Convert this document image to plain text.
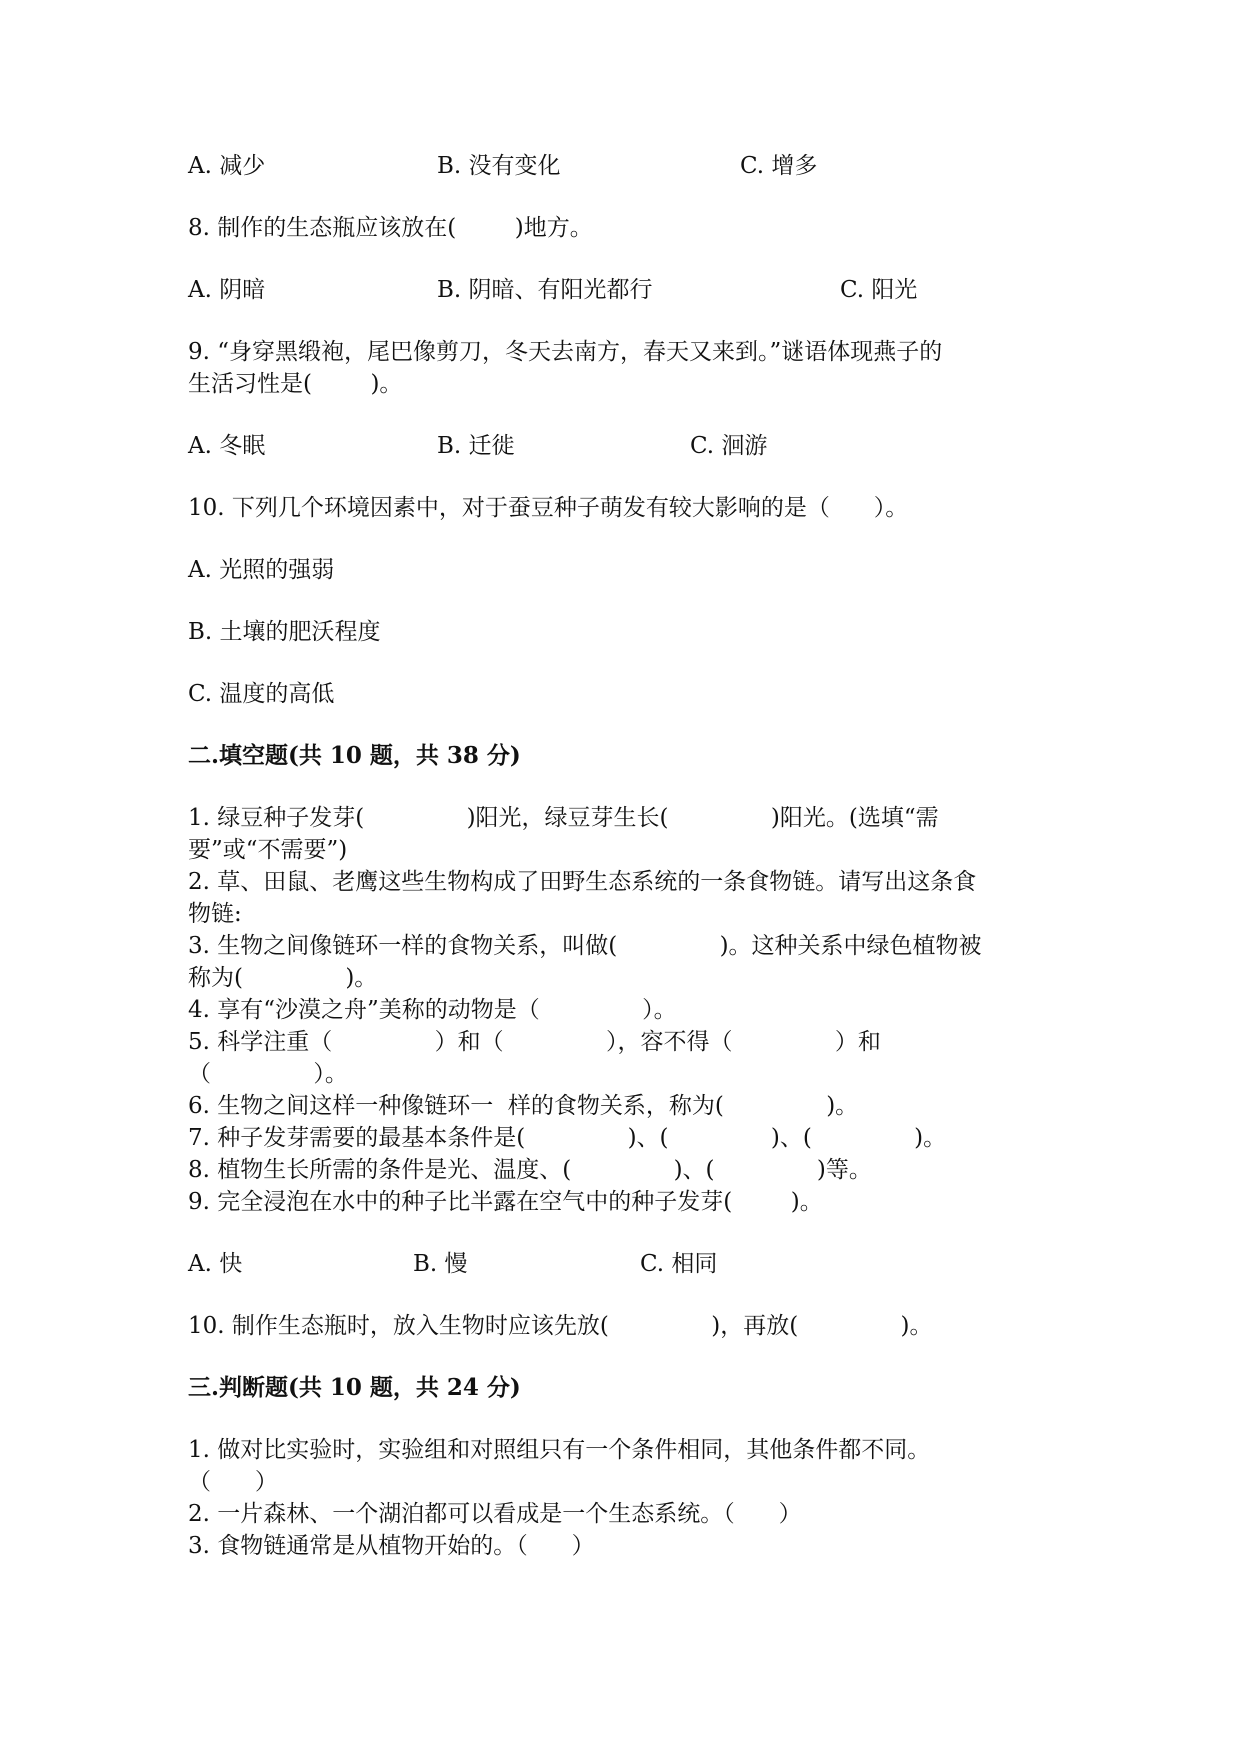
A. 减少	B. 没有变化	C. 增多
8. 制作的生态瓶应该放在(        )地方。
A. 阴暗	B. 阴暗、有阳光都行	C. 阳光
9. “身穿黑缎袍，尾巴像剪刀，冬天去南方，春天又来到。”谜语体现燕子的
生活习性是(        )。
A. 冬眠	B. 迁徙	C. 洄游
10. 下列几个环境因素中，对于蚕豆种子萌发有较大影响的是（      ）。
A. 光照的强弱
B. 土壤的肥沃程度
C. 温度的高低
二.填空题(共 10 题，共 38 分)
1. 绿豆种子发芽(              )阳光，绿豆芽生长(              )阳光。(选填“需
要”或“不需要”)
2. 草、田鼠、老鹰这些生物构成了田野生态系统的一条食物链。请写出这条食
物链:
3. 生物之间像链环一样的食物关系，叫做(              )。这种关系中绿色植物被
称为(              )。
4. 享有“沙漠之舟”美称的动物是（              ）。
5. 科学注重（              ）和（              ），容不得（              ）和
（              ）。
6. 生物之间这样一种像链环一  样的食物关系，称为(              )。
7. 种子发芽需要的最基本条件是(              )、(              )、(              )。
8. 植物生长所需的条件是光、温度、(              )、(              )等。
9. 完全浸泡在水中的种子比半露在空气中的种子发芽(        )。
A. 快	B. 慢	C. 相同
10. 制作生态瓶时，放入生物时应该先放(              )，再放(              )。
三.判断题(共 10 题，共 24 分)
1. 做对比实验时，实验组和对照组只有一个条件相同，其他条件都不同。
（      ）
2. 一片森林、一个湖泊都可以看成是一个生态系统。（      ）
3. 食物链通常是从植物开始的。（      ）
